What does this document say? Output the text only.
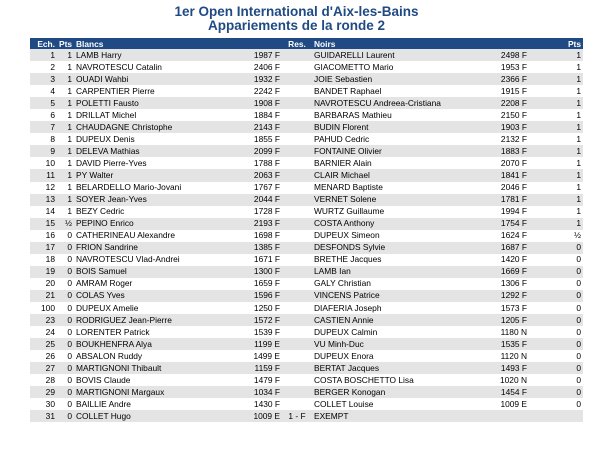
1er Open International d'Aix-les-Bains
Appariements de la ronde 2
Ech.	Pts	Blancs		Res.	Noirs		Pts
1	1	LAMB Harry	1987 F		GUIDARELLI Laurent	2498 F	1
2	1	NAVROTESCU Catalin	2406 F		GIACOMETTO Mario	1953 F	1
3	1	OUADI Wahbi	1932 F		JOIE Sebastien	2366 F	1
4	1	CARPENTIER Pierre	2242 F		BANDET Raphael	1915 F	1
5	1	POLETTI Fausto	1908 F		NAVROTESCU Andreea-Cristiana	2208 F	1
6	1	DRILLAT Michel	1884 F		BARBARAS Mathieu	2150 F	1
7	1	CHAUDAGNE Christophe	2143 F		BUDIN Florent	1903 F	1
8	1	DUPEUX Denis	1855 F		PAHUD Cedric	2132 F	1
9	1	DELEVA Mathias	2099 F		FONTAINE Olivier	1883 F	1
10	1	DAVID Pierre-Yves	1788 F		BARNIER Alain	2070 F	1
11	1	PY Walter	2063 F		CLAIR Michael	1841 F	1
12	1	BELARDELLO Mario-Jovani	1767 F		MENARD Baptiste	2046 F	1
13	1	SOYER Jean-Yves	2044 F		VERNET Solene	1781 F	1
14	1	BEZY Cedric	1728 F		WURTZ Guillaume	1994 F	1
15	½	PEPINO Enrico	2193 F		COSTA Anthony	1754 F	1
16	0	CATHERINEAU Alexandre	1698 F		DUPEUX Simeon	1624 F	½
17	0	FRION Sandrine	1385 F		DESFONDS Sylvie	1687 F	0
18	0	NAVROTESCU Vlad-Andrei	1671 F		BRETHE Jacques	1420 F	0
19	0	BOIS Samuel	1300 F		LAMB Ian	1669 F	0
20	0	AMRAM Roger	1659 F		GALY Christian	1306 F	0
21	0	COLAS Yves	1596 F		VINCENS Patrice	1292 F	0
100	0	DUPEUX Amelie	1250 F		DIAFERIA Joseph	1573 F	0
23	0	RODRIGUEZ Jean-Pierre	1572 F		CASTIEN Annie	1205 F	0
24	0	LORENTER Patrick	1539 F		DUPEUX Calmin	1180 N	0
25	0	BOUKHENFRA Alya	1199 E		VU Minh-Duc	1535 F	0
26	0	ABSALON Ruddy	1499 E		DUPEUX Enora	1120 N	0
27	0	MARTIGNONI Thibault	1159 F		BERTAT Jacques	1493 F	0
28	0	BOVIS Claude	1479 F		COSTA BOSCHETTO Lisa	1020 N	0
29	0	MARTIGNONI Margaux	1034 F		BERGER Konogan	1454 F	0
30	0	BAILLIE Andre	1430 F		COLLET Louise	1009 E	0
31	0	COLLET Hugo	1009 E	1 - F	EXEMPT		
